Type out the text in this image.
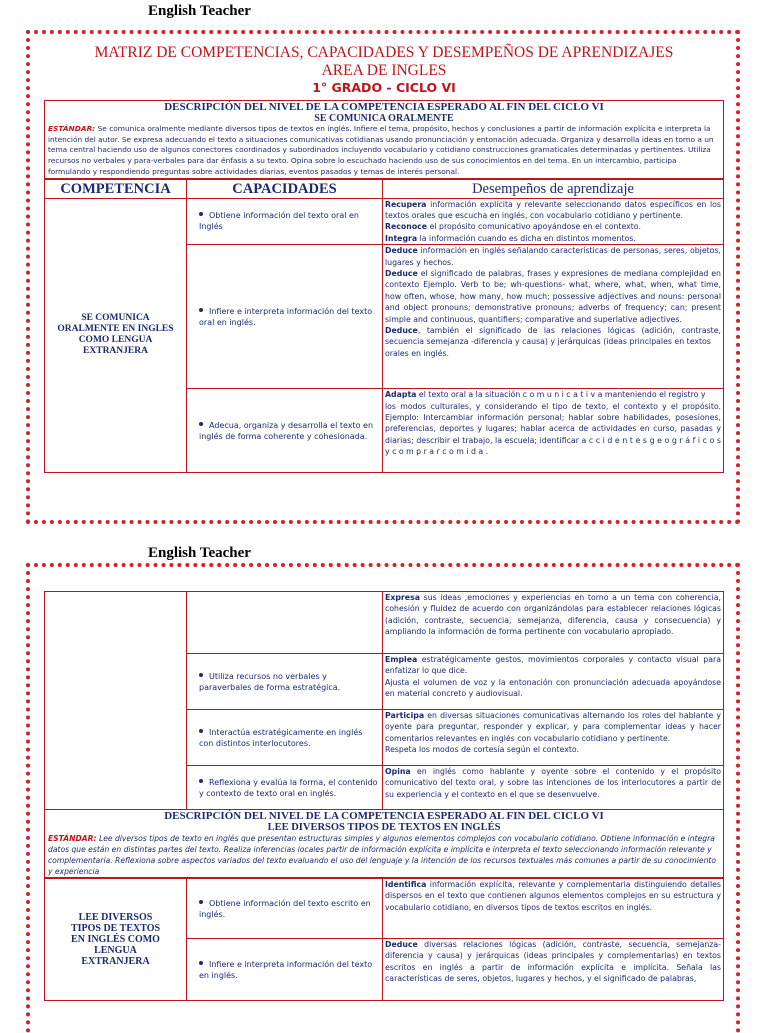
English Teacher
MATRIZ DE COMPETENCIAS, CAPACIDADES Y DESEMPEÑOS DE APRENDIZAJES
AREA DE INGLES
1° GRADO - CICLO VI
DESCRIPCIÓN DEL NIVEL DE LA COMPETENCIA ESPERADO AL FIN DEL CICLO VI
SE COMUNICA ORALMENTE
ESTÁNDAR: Se comunica oralmente mediante diversos tipos de textos en inglés. Infiere el tema, propósito, hechos y conclusiones a partir de información explícita e interpreta la intención del autor. Se expresa adecuando el texto a situaciones comunicativas cotidianas usando pronunciación y entonación adecuada. Organiza y desarrolla ideas en torno a un tema central haciendo uso de algunos conectores coordinados y subordinados incluyendo vocabulario y cotidiano construcciones gramaticales determinadas y pertinentes. Utiliza recursos no verbales y para-verbales para dar énfasis a su texto. Opina sobre lo escuchado haciendo uso de sus conocimientos en del tema. En un intercambio, participa
formulando y respondiendo preguntas sobre actividades diarias, eventos pasados y temas de interés personal.
COMPETENCIA	CAPACIDADES	Desempeños de aprendizaje
SE COMUNICA ORALMENTE EN INGLES COMO LENGUA EXTRANJERA	Obtiene información del texto oral en Inglés	Recupera información explícita y relevante seleccionando datos específicos en los textos orales que escucha en inglés, con vocabulario cotidiano y pertinente.
Reconoce el propósito comunicativo apoyándose en el contexto.
Integra la información cuando es dicha en distintos momentos.
	Infiere e interpreta información del texto oral en inglés.	Deduce información en inglés señalando características de personas, seres, objetos, lugares y hechos.
Deduce el significado de palabras, frases y expresiones de mediana complejidad en contexto Ejemplo. Verb to be; wh-questions- what, where, what, when, what time, how often, whose, how many, how much; possessive adjectives and nouns: personal and object pronouns; demonstrative pronouns; adverbs of frequency; can; present simple and continuous, quantifiers; comparative and superlative adjectives.
Deduce, también el significado de las relaciones lógicas (adición, contraste, secuencia semejanza -diferencia y causa) y jerárquicas (ideas principales en textos
orales en inglés.
	Adecua, organiza y desarrolla el texto en inglés de forma coherente y cohesionada.	Adapta el texto oral a la situación c o m u n i c a t i v a manteniendo el registro y
los modos culturales, y considerando el tipo de texto, el contexto y el propósito. Ejemplo: Intercambiar información personal; hablar sobre habilidades, posesiones, preferencias, deportes y lugares; hablar acerca de actividades en curso, pasadas y diarias; describir el trabajo, la escuela; identificar a c c i d e n t e s g e o g r á f i c o s y c o m p r a r c o m i d a .
English Teacher
		Expresa sus ideas ,emociones y experiencias en torno a un tema con coherencia, cohesión y fluidez de acuerdo con organizándolas para establecer relaciones lógicas (adición, contraste, secuencia, semejanza, diferencia, causa y consecuencia) y ampliando la información de forma pertinente con vocabulario apropiado.
	Utiliza recursos no verbales y paraverbales de forma estratégica.	Emplea estratégicamente gestos, movimientos corporales y contacto visual para enfatizar lo que dice.
Ajusta el volumen de voz y la entonación con pronunciación adecuada apoyándose en material concreto y audiovisual.
	Interactúa estratégicamente en inglés con distintos interlocutores.	Participa en diversas situaciones comunicativas alternando los roles del hablante y oyente para preguntar, responder y explicar, y para complementar ideas y hacer comentarios relevantes en inglés con vocabulario cotidiano y pertinente.
Respeta los modos de cortesía según el contexto.
	Reflexiona y evalúa la forma, el contenido y contexto de texto oral en inglés.	Opina en inglés como hablante y oyente sobre el contenido y el propósito comunicativo del texto oral, y sobre las intenciones de los interlocutores a partir de su experiencia y el contexto en el que se desenvuelve.
DESCRIPCIÓN DEL NIVEL DE LA COMPETENCIA ESPERADO AL FIN DEL CICLO VI
LEE DIVERSOS TIPOS DE TEXTOS EN INGLÉS
ESTÁNDAR: Lee diversos tipos de texto en inglés que presentan estructuras simples y algunos elementos complejos con vocabulario cotidiano. Obtiene información e integra datos que están en distintas partes del texto. Realiza inferencias locales partir de información explícita e implícita e interpreta el texto seleccionando información relevante y complementaria. Reflexiona sobre aspectos variados del texto evaluando el uso del lenguaje y la intención de los recursos textuales más comunes a partir de su conocimiento y experiencia
LEE DIVERSOS TIPOS DE TEXTOS EN INGLÉS COMO LENGUA EXTRANJERA	Obtiene información del texto escrito en inglés.	Identifica información explícita, relevante y complementaria distinguiendo detalles dispersos en el texto que contienen algunos elementos complejos en su estructura y vocabulario cotidiano, en diversos tipos de textos escritos en inglés.
	Infiere e interpreta información del texto en inglés.	Deduce diversas relaciones lógicas (adición, contraste, secuencia, semejanza-diferencia y causa) y jerárquicas (ideas principales y complementarias) en textos escritos en inglés a partir de información explícita e implícita. Señala las características de seres, objetos, lugares y hechos, y el significado de palabras,
